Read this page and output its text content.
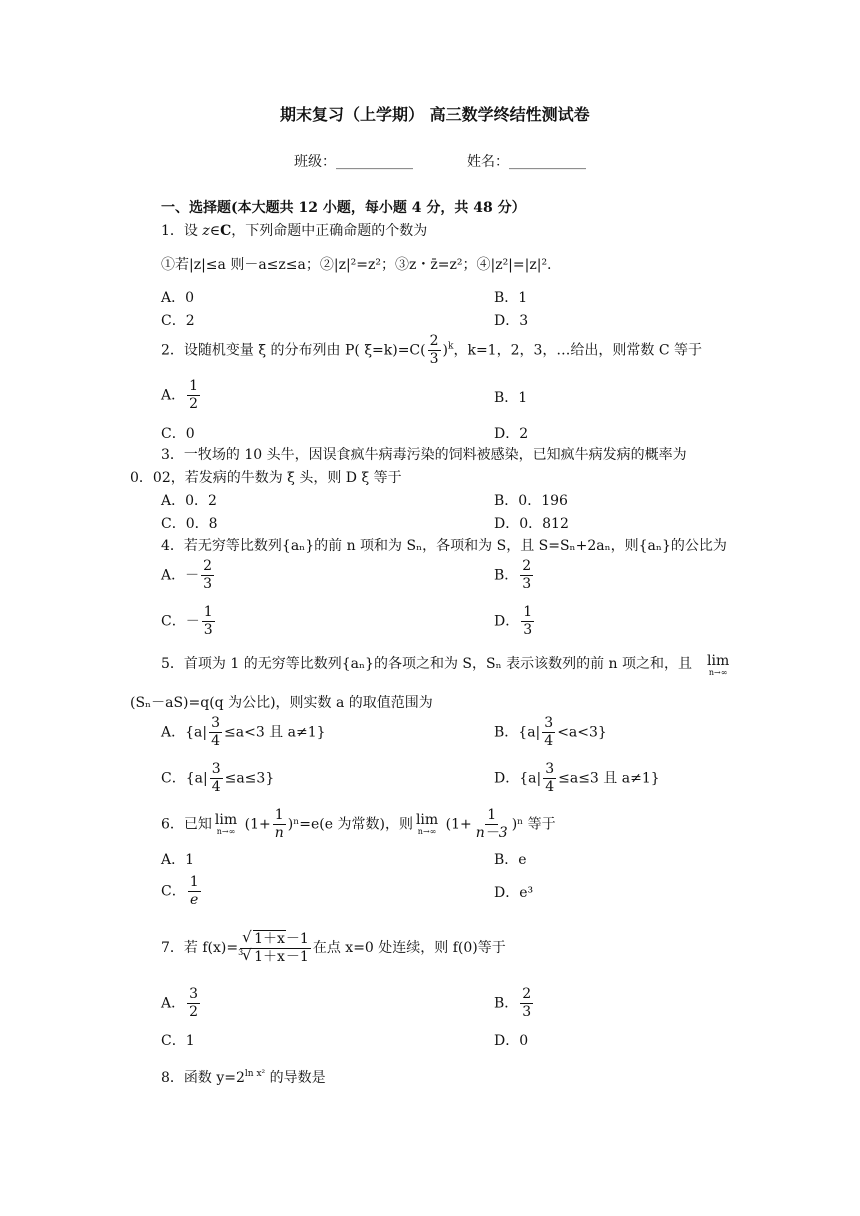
期末复习（上学期） 高三数学终结性测试卷
班级：___________	姓名：___________
一、选择题(本大题共 12 小题，每小题 4 分，共 48 分）
1．设 z∈C，下列命题中正确命题的个数为
①若|z|≤a 则－a≤z≤a；②|z|²=z²；③z・z̄=z²；④|z²|=|z|².
A．0	B．1
C．2	D．3
2．设随机变量 ξ 的分布列由 P( $\xi=k)=C( \frac{2}{3} )^k$，k=1，2，3，…给出，则常数 C 等于
A． $\frac{1}{2}$	B．1
C．0	D．2
3．一牧场的 10 头牛，因误食疯牛病毒污染的饲料被感染，已知疯牛病发病的概率为
0．02，若发病的牛数为 ξ 头，则 D ξ 等于
A．0．2	B．0．196
C．0．8	D．0．812
4．若无穷等比数列{aₙ}的前 n 项和为 Sₙ，各项和为 S，且 S=Sₙ+2aₙ，则{aₙ}的公比为
A．－ $\frac{2}{3}$	B． $\frac{2}{3}$
C．－ $\frac{1}{3}$	D． $\frac{1}{3}$
5．首项为 1 的无穷等比数列{aₙ}的各项之和为 S，Sₙ 表示该数列的前 n 项之和，且 lim
n→∞
(Sₙ－aS)=q(q 为公比)，则实数 a 的取值范围为
A．{$a| \frac{3}{4} \le a<3$ 且 a≠1}	B．$\{a| \frac{3}{4} <a<3\}$
C．$\{a| \frac{3}{4} \le a\le 3\}$	D．{$a| \frac{3}{4} \le a\le 3$ 且 a≠1}
6．已知 lim
n→∞ $(1+ \frac{1}{n} )^n=e(e$ 为常数)，则 lim
n→∞ $(1+ \frac{1}{n-3} )^n$ 等于
A．1	B．e
C． $\frac{1}{e}$	D．e³
7．若 f(x)= √ 1＋x－1
3
√ 1＋x－1 在点 x=0 处连续，则 f(0)等于
A． $\frac{3}{2}$	B． $\frac{2}{3}$
C．1	D．0
8．函数 $y=2^{ln x^2}$ 的导数是
